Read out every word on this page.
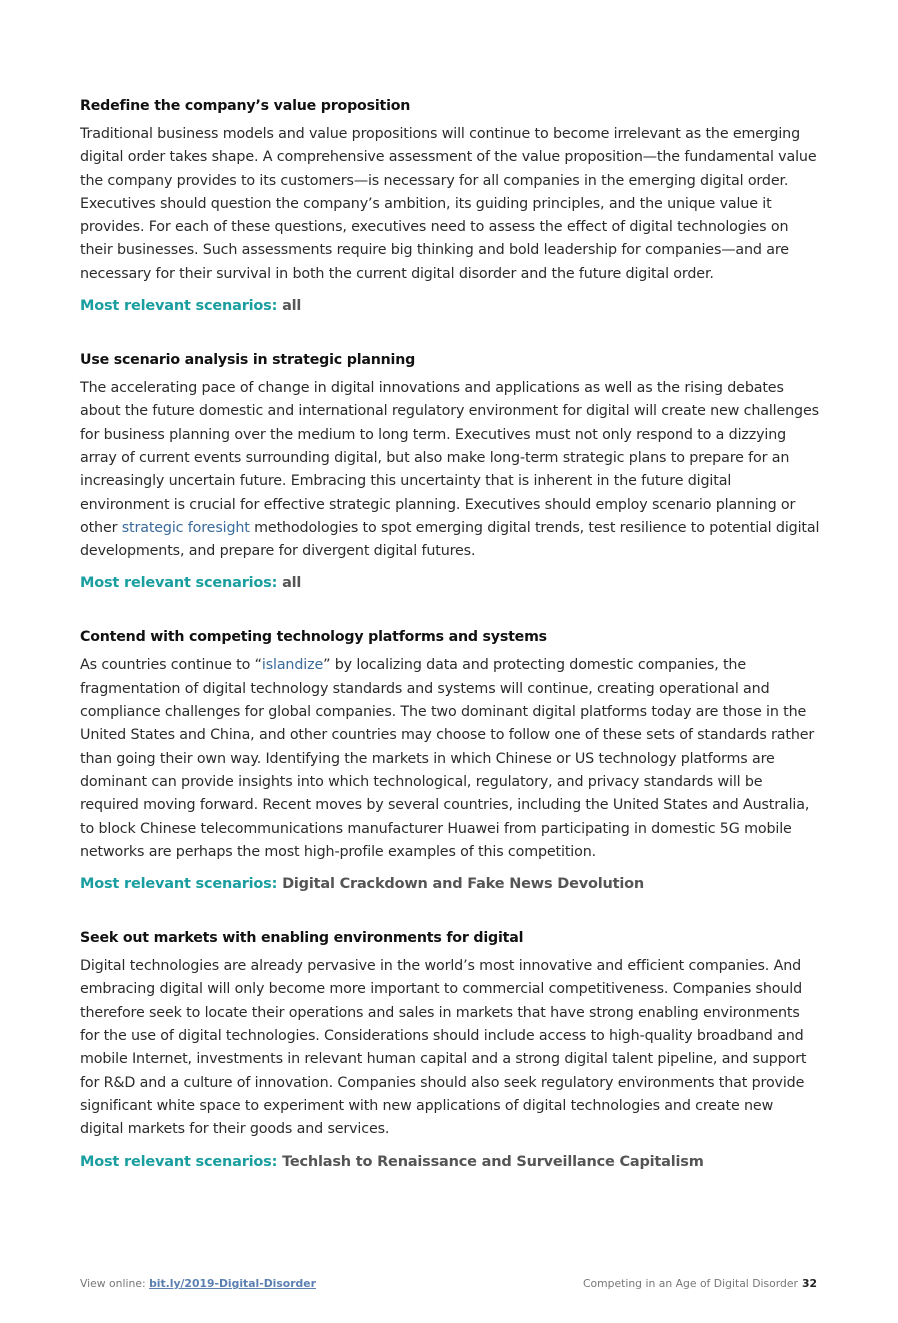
Redefine the company’s value proposition

Traditional business models and value propositions will continue to become irrelevant as the emerging digital order takes shape. A comprehensive assessment of the value proposition—the fundamental value the company provides to its customers—is necessary for all companies in the emerging digital order. Executives should question the company’s ambition, its guiding principles, and the unique value it provides. For each of these questions, executives need to assess the effect of digital technologies on their businesses. Such assessments require big thinking and bold leadership for companies—and are necessary for their survival in both the current digital disorder and the future digital order.

Most relevant scenarios: all
Use scenario analysis in strategic planning

The accelerating pace of change in digital innovations and applications as well as the rising debates about the future domestic and international regulatory environment for digital will create new challenges for business planning over the medium to long term. Executives must not only respond to a dizzying array of current events surrounding digital, but also make long-term strategic plans to prepare for an increasingly uncertain future. Embracing this uncertainty that is inherent in the future digital environment is crucial for effective strategic planning. Executives should employ scenario planning or other strategic foresight methodologies to spot emerging digital trends, test resilience to potential digital developments, and prepare for divergent digital futures.

Most relevant scenarios: all
Contend with competing technology platforms and systems

As countries continue to “islandize” by localizing data and protecting domestic companies, the fragmentation of digital technology standards and systems will continue, creating operational and compliance challenges for global companies. The two dominant digital platforms today are those in the United States and China, and other countries may choose to follow one of these sets of standards rather than going their own way. Identifying the markets in which Chinese or US technology platforms are dominant can provide insights into which technological, regulatory, and privacy standards will be required moving forward. Recent moves by several countries, including the United States and Australia, to block Chinese telecommunications manufacturer Huawei from participating in domestic 5G mobile networks are perhaps the most high-profile examples of this competition.

Most relevant scenarios: Digital Crackdown and Fake News Devolution
Seek out markets with enabling environments for digital

Digital technologies are already pervasive in the world’s most innovative and efficient companies. And embracing digital will only become more important to commercial competitiveness. Companies should therefore seek to locate their operations and sales in markets that have strong enabling environments for the use of digital technologies. Considerations should include access to high-quality broadband and mobile Internet, investments in relevant human capital and a strong digital talent pipeline, and support for R&D and a culture of innovation. Companies should also seek regulatory environments that provide significant white space to experiment with new applications of digital technologies and create new digital markets for their goods and services.

Most relevant scenarios: Techlash to Renaissance and Surveillance Capitalism
View online: bit.ly/2019-Digital-Disorder	Competing in an Age of Digital Disorder 32
